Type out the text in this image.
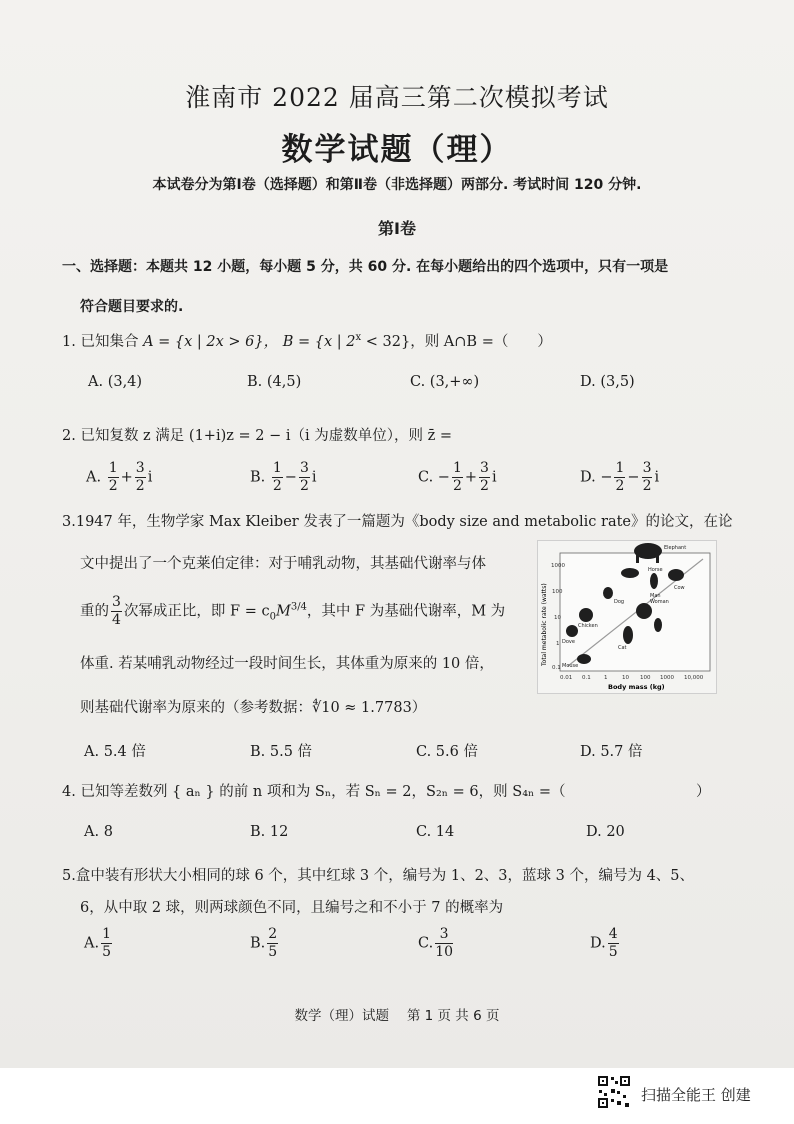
淮南市 2022 届高三第二次模拟考试
数学试题（理）
本试卷分为第Ⅰ卷（选择题）和第Ⅱ卷（非选择题）两部分. 考试时间 120 分钟.
第Ⅰ卷
一、选择题：本题共 12 小题，每小题 5 分，共 60 分. 在每小题给出的四个选项中，只有一项是
符合题目要求的.
1. 已知集合 A = {x | 2x > 6}， B = {x | $2^x < 32$}，则 A∩B =（　　）
A. (3,4)	B. (4,5)	C. (3,+∞)	D. (3,5)
2. 已知复数 z 满足 (1+i)z = 2 − i（i 为虚数单位），则 z̄ =
A. $\frac{1}{2} + \frac{3}{2}$ i	B. $\frac{1}{2} - \frac{3}{2}$ i	C. − $\frac{1}{2} + \frac{3}{2}$ i	D. − $\frac{1}{2} - \frac{3}{2}$ i
3.1947 年，生物学家 Max Kleiber 发表了一篇题为《body size and metabolic rate》的论文，在论
文中提出了一个克莱伯定律：对于哺乳动物，其基础代谢率与体
重的 $\frac{3}{4}$ 次幂成正比，即 $F = c_0M^{3/4}$，其中 F 为基础代谢率，M 为
体重. 若某哺乳动物经过一段时间生长，其体重为原来的 10 倍，
则基础代谢率为原来的（参考数据：∜10 ≈ 1.7783）
Total metabolic rate (watts)
Body mass (kg)
1000
100
10
1
0.1
0.01 0.1 1	10 100 1000 10,000
Elephant
Horse
Cow
Man
Woman
Dog
Chicken
Cat
Dove
Mouse
A. 5.4 倍	B. 5.5 倍	C. 5.6 倍	D. 5.7 倍
4. 已知等差数列 { aₙ } 的前 n 项和为 Sₙ，若 Sₙ = 2，S₂ₙ = 6，则 S₄ₙ =（　　　　　　　　　）
A. 8	B. 12	C. 14	D. 20
5.盒中装有形状大小相同的球 6 个，其中红球 3 个，编号为 1、2、3，蓝球 3 个，编号为 4、5、
6，从中取 2 球，则两球颜色不同，且编号之和不小于 7 的概率为
A. $\frac{1}{5}$	B. $\frac{2}{5}$	C. $\frac{3}{10}$	D. $\frac{4}{5}$
数学（理）试题　 第 1 页 共 6 页
扫描全能王 创建
